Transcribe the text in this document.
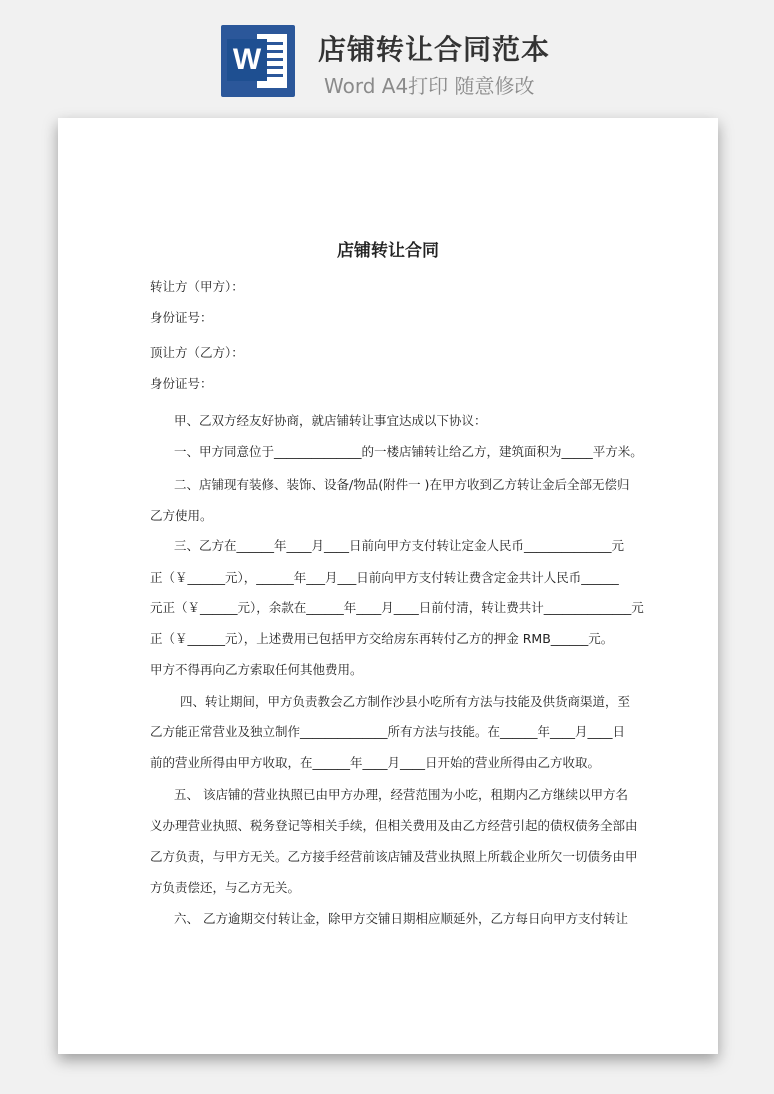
W 店铺转让合同范本
Word A4打印 随意修改
店铺转让合同
转让方（甲方）：
身份证号：
顶让方（乙方）：
身份证号：
甲、乙双方经友好协商，就店铺转让事宜达成以下协议：
一、甲方同意位于______________的一楼店铺转让给乙方，建筑面积为_____平方米。
二、店铺现有装修、装饰、设备/物品(附件一 )在甲方收到乙方转让金后全部无偿归
乙方使用。
三、乙方在______年____月____日前向甲方支付转让定金人民币______________元
正（￥______元），______年___月___日前向甲方支付转让费含定金共计人民币______
元正（￥______元），余款在______年____月____日前付清，转让费共计______________元
正（￥______元），上述费用已包括甲方交给房东再转付乙方的押金 RMB______元。
甲方不得再向乙方索取任何其他费用。
四、转让期间，甲方负责教会乙方制作沙县小吃所有方法与技能及供货商渠道，至
乙方能正常营业及独立制作______________所有方法与技能。在______年____月____日
前的营业所得由甲方收取，在______年____月____日开始的营业所得由乙方收取。
五、 该店铺的营业执照已由甲方办理，经营范围为小吃，租期内乙方继续以甲方名
义办理营业执照、税务登记等相关手续，但相关费用及由乙方经营引起的债权债务全部由
乙方负责，与甲方无关。乙方接手经营前该店铺及营业执照上所载企业所欠一切债务由甲
方负责偿还，与乙方无关。
六、 乙方逾期交付转让金，除甲方交铺日期相应顺延外，乙方每日向甲方支付转让
